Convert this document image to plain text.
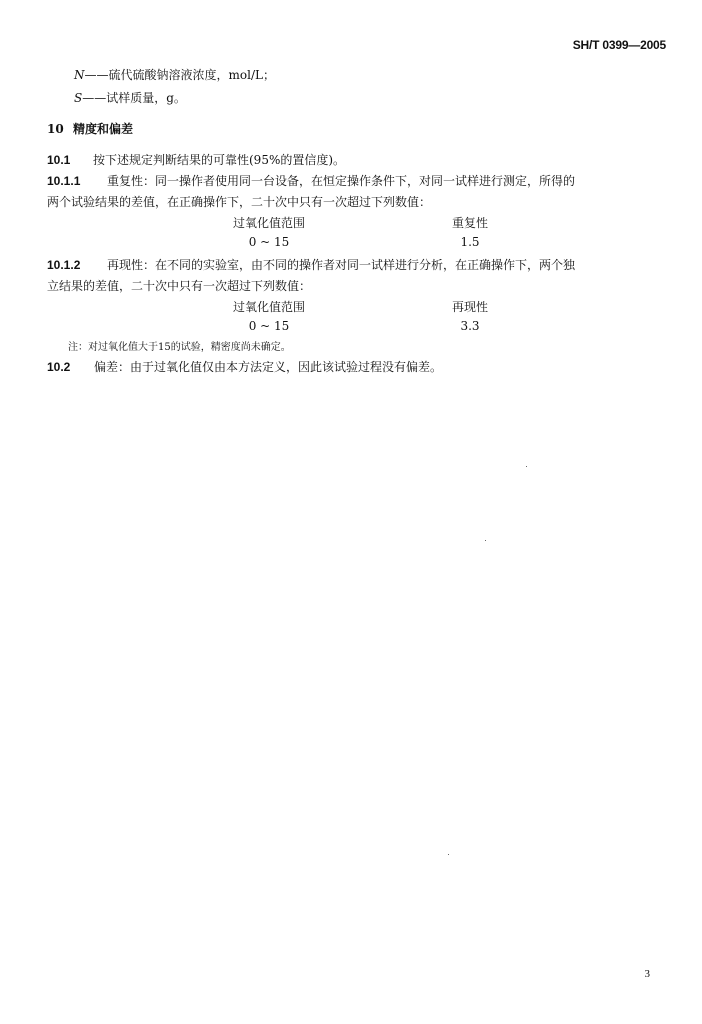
SH/T 0399—2005
N——硫代硫酸钠溶液浓度，mol/L；
S——试样质量，g。
10 精度和偏差
10.1 按下述规定判断结果的可靠性(95%的置信度)。
10.1.1 重复性：同一操作者使用同一台设备，在恒定操作条件下，对同一试样进行测定，所得的
两个试验结果的差值，在正确操作下，二十次中只有一次超过下列数值：
过氧化值范围	重复性
0 ~ 15	1.5
10.1.2 再现性：在不同的实验室，由不同的操作者对同一试样进行分析，在正确操作下，两个独
立结果的差值，二十次中只有一次超过下列数值：
过氧化值范围	再现性
0 ~ 15	3.3
注：对过氧化值大于15的试验，精密度尚未确定。
10.2 偏差：由于过氧化值仅由本方法定义，因此该试验过程没有偏差。
3
